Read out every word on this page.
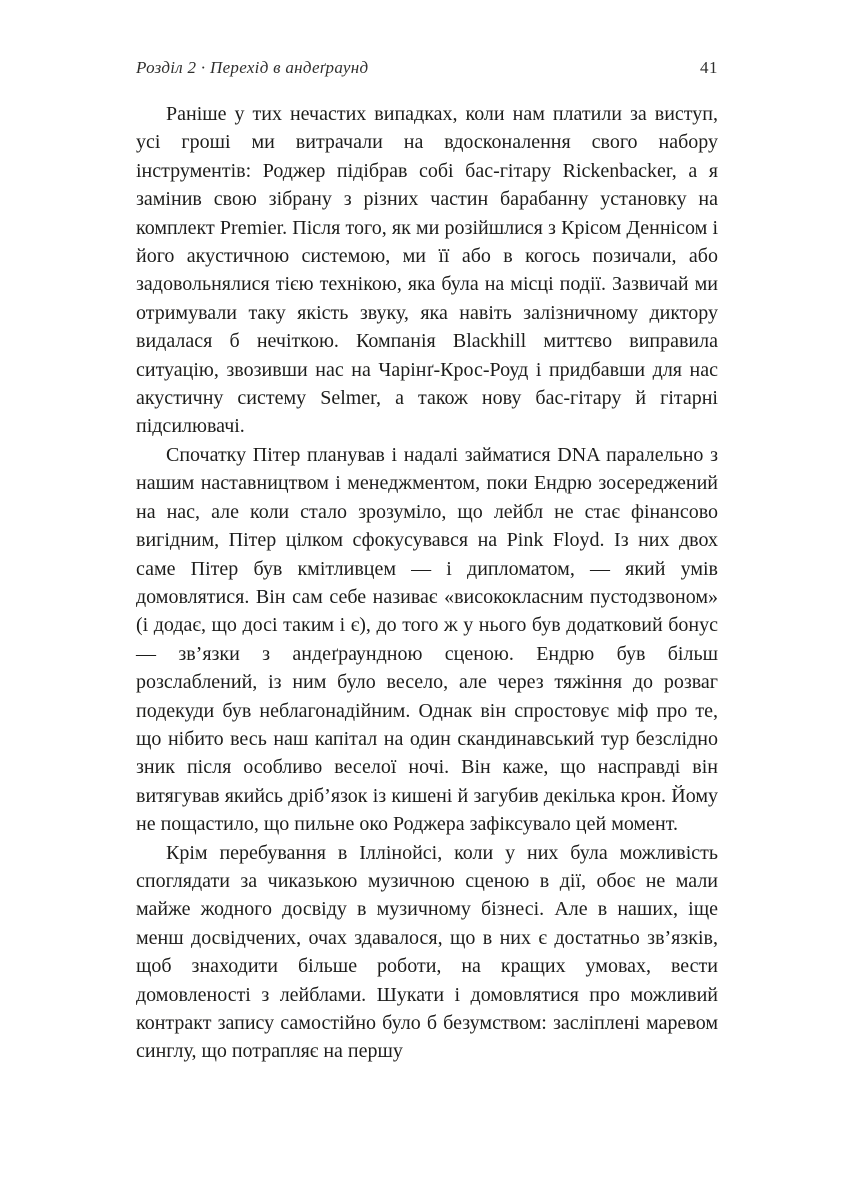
Розділ 2 · Перехід в андеґраунд	41

Раніше у тих нечастих випадках, коли нам платили за виступ, усі гроші ми витрачали на вдосконалення свого набору інструментів: Роджер підібрав собі бас-гітару Rickenbacker, а я замінив свою зібрану з різних частин барабанну установку на комплект Premier. Після того, як ми розійшлися з Крісом Деннісом і його акустичною системою, ми її або в когось позичали, або задовольнялися тією технікою, яка була на місці події. Зазвичай ми отримували таку якість звуку, яка навіть залізничному диктору видалася б нечіткою. Компанія Blackhill миттєво виправила ситуацію, звозивши нас на Чарінґ-Крос-Роуд і придбавши для нас акустичну систему Selmer, а також нову бас-гітару й гітарні підсилювачі.

Спочатку Пітер планував і надалі займатися DNA паралельно з нашим наставництвом і менеджментом, поки Ендрю зосереджений на нас, але коли стало зрозуміло, що лейбл не стає фінансово вигідним, Пітер цілком сфокусувався на Pink Floyd. Із них двох саме Пітер був кмітливцем — і дипломатом, — який умів домовлятися. Він сам себе називає «висококласним пустодзвоном» (і додає, що досі таким і є), до того ж у нього був додатковий бонус — зв’язки з андеґраундною сценою. Ендрю був більш розслаблений, із ним було весело, але через тяжіння до розваг подекуди був неблагонадійним. Однак він спростовує міф про те, що нібито весь наш капітал на один скандинавський тур безслідно зник після особливо веселої ночі. Він каже, що насправді він витягував якийсь дріб’язок із кишені й загубив декілька крон. Йому не пощастило, що пильне око Роджера зафіксувало цей момент.

Крім перебування в Іллінойсі, коли у них була можливість споглядати за чиказькою музичною сценою в дії, обоє не мали майже жодного досвіду в музичному бізнесі. Але в наших, іще менш досвідчених, очах здавалося, що в них є достатньо зв’язків, щоб знаходити більше роботи, на кращих умовах, вести домовленості з лейблами. Шукати і домовлятися про можливий контракт запису самостійно було б безумством: засліплені маревом синглу, що потрапляє на першу
